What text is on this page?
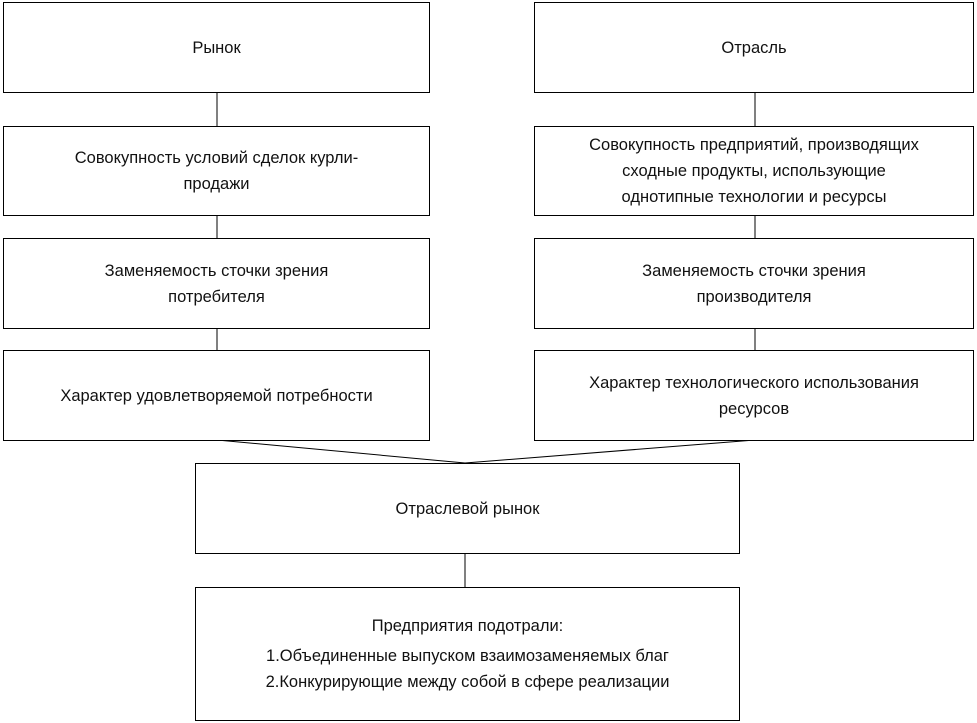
Рынок
Совокупность условий сделок курли-
продажи
Заменяемость сточки зрения
потребителя
Характер удовлетворяемой потребности
Отрасль
Совокупность предприятий, производящих
сходные продукты, использующие
однотипные технологии и ресурсы
Заменяемость сточки зрения
производителя
Характер технологического использования
ресурсов
Отраслевой рынок
Предприятия подотрали:
1.Объединенные выпуском взаимозаменяемых благ
2.Конкурирующие между собой в сфере реализации
